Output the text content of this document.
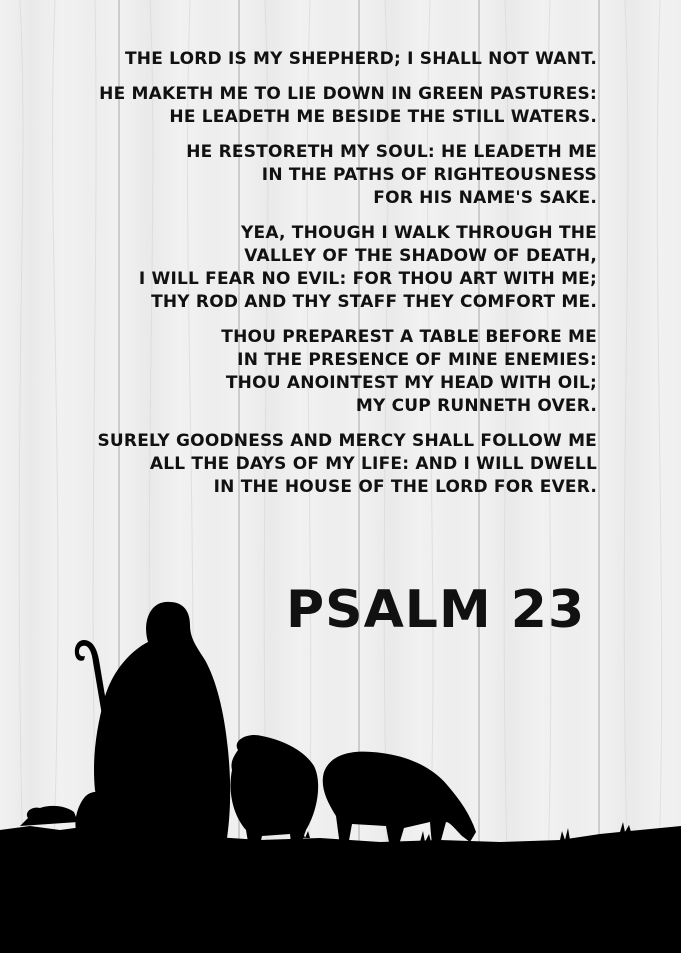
THE LORD IS MY SHEPHERD; I SHALL NOT WANT.
HE MAKETH ME TO LIE DOWN IN GREEN PASTURES:
HE LEADETH ME BESIDE THE STILL WATERS.
HE RESTORETH MY SOUL: HE LEADETH ME
IN THE PATHS OF RIGHTEOUSNESS
FOR HIS NAME'S SAKE.
YEA, THOUGH I WALK THROUGH THE
VALLEY OF THE SHADOW OF DEATH,
I WILL FEAR NO EVIL: FOR THOU ART WITH ME;
THY ROD AND THY STAFF THEY COMFORT ME.
THOU PREPAREST A TABLE BEFORE ME
IN THE PRESENCE OF MINE ENEMIES:
THOU ANOINTEST MY HEAD WITH OIL;
MY CUP RUNNETH OVER.
SURELY GOODNESS AND MERCY SHALL FOLLOW ME
ALL THE DAYS OF MY LIFE: AND I WILL DWELL
IN THE HOUSE OF THE LORD FOR EVER.
PSALM 23
